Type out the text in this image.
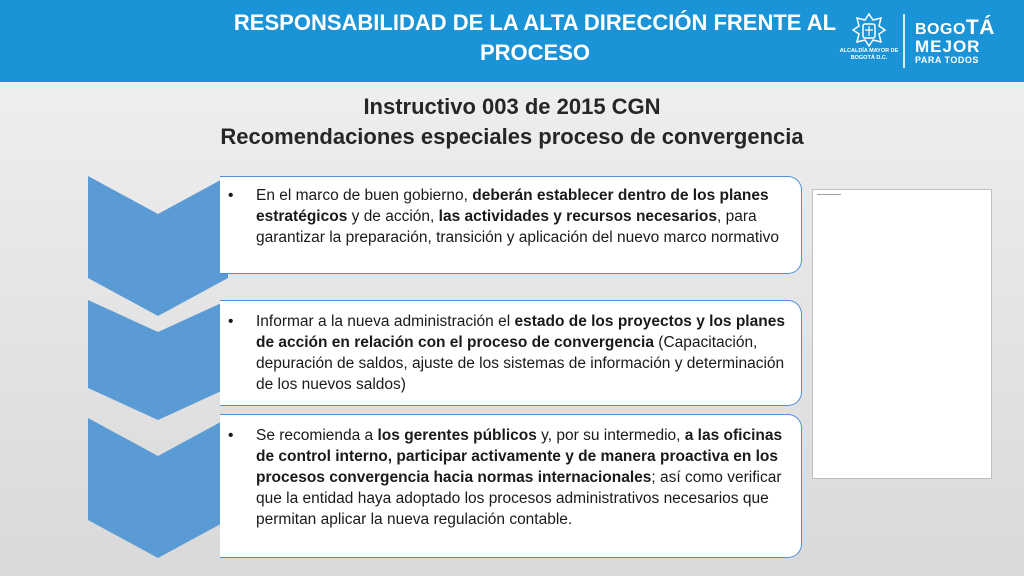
RESPONSABILIDAD DE LA ALTA DIRECCIÓN FRENTE AL PROCESO	ALCALDÍA MAYOR DE BOGOTÁ D.C.
BOGOTÁ
MEJOR
PARA TODOS
Instructivo 003 de 2015 CGN
Recomendaciones especiales proceso de convergencia
• En el marco de buen gobierno, deberán establecer dentro de los planes estratégicos y de acción, las actividades y recursos necesarios, para garantizar la preparación, transición y aplicación del nuevo marco normativo
• Informar a la nueva administración el estado de los proyectos y los planes de acción en relación con el proceso de convergencia (Capacitación, depuración de saldos, ajuste de los sistemas de información y determinación de los nuevos saldos)
• Se recomienda a los gerentes públicos y, por su intermedio, a las oficinas de control interno, participar activamente y de manera proactiva en los procesos convergencia hacia normas internacionales; así como verificar que la entidad haya adoptado los procesos administrativos necesarios que permitan aplicar la nueva regulación contable.
▬▬▬▬▬▬▬▬
